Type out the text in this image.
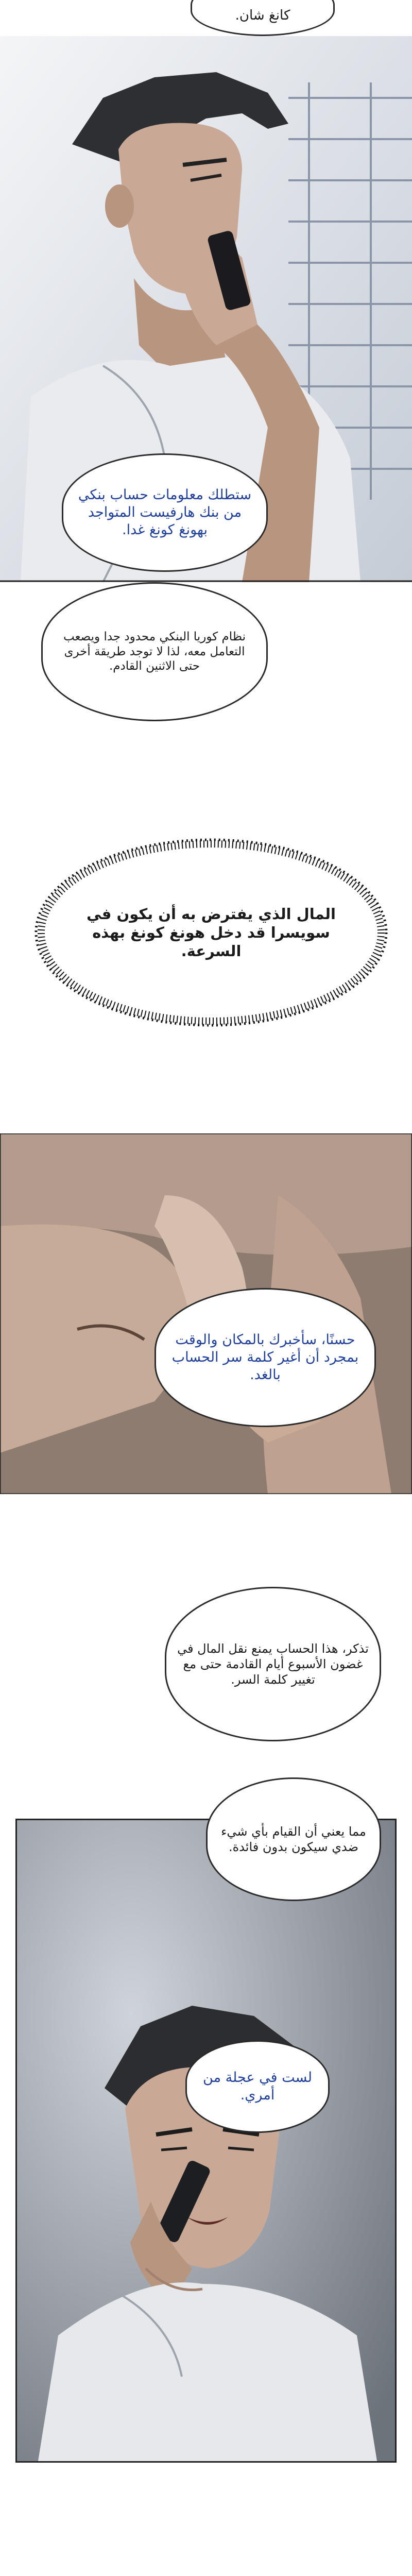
كانغ شان.
ستطلك معلومات حساب بنكي من بنك هارفيست المتواجد بهونغ كونغ غدا.
نظام كوريا البنكي محدود جدا ويصعب التعامل معه، لذا لا توجد طريقة أخرى حتى الاثنين القادم.
المال الذي يفترض به أن يكون في سويسرا قد دخل هونغ كونغ بهذه السرعة.
حسنًا، سأخبرك بالمكان والوقت بمجرد أن أغير كلمة سر الحساب بالغد.
تذكر، هذا الحساب يمنع نقل المال في غضون الأسبوع أيام القادمة حتى مع تغيير كلمة السر.
مما يعني أن القيام بأي شيء ضدي سيكون بدون فائدة.
لست في عجلة من أمري.
